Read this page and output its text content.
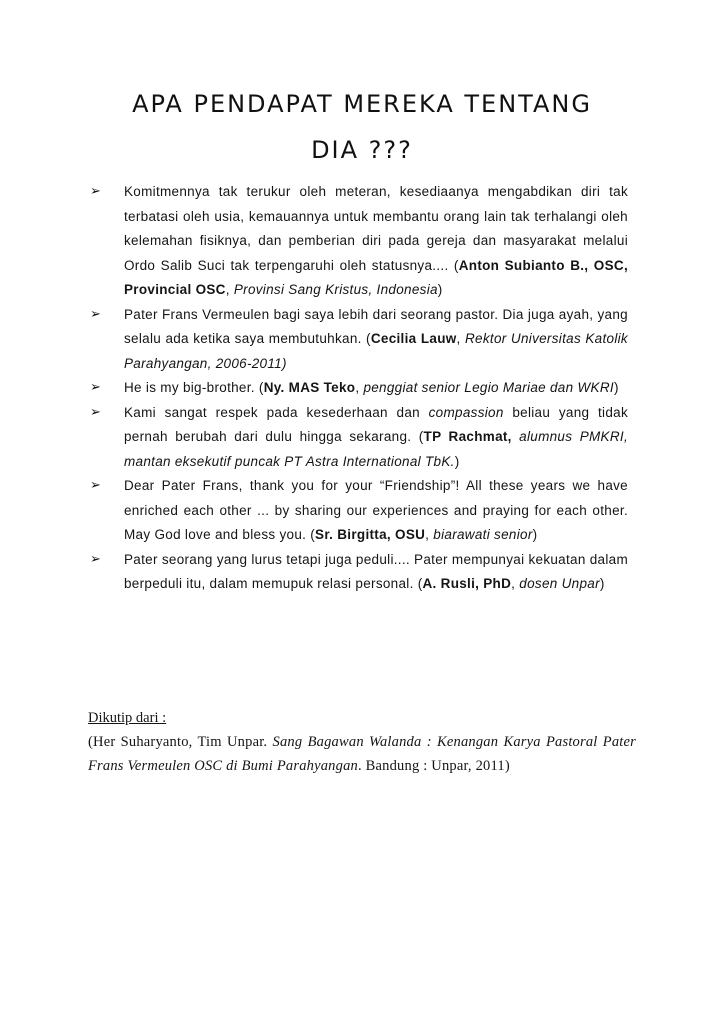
APA PENDAPAT MEREKA TENTANG
DIA ???
➢ Komitmennya tak terukur oleh meteran, kesediaanya mengabdikan diri tak terbatasi oleh usia, kemauannya untuk membantu orang lain tak terhalangi oleh kelemahan fisiknya, dan pemberian diri pada gereja dan masyarakat melalui Ordo Salib Suci tak terpengaruhi oleh statusnya.... (Anton Subianto B., OSC, Provincial OSC, Provinsi Sang Kristus, Indonesia)
➢ Pater Frans Vermeulen bagi saya lebih dari seorang pastor. Dia juga ayah, yang selalu ada ketika saya membutuhkan. (Cecilia Lauw, Rektor Universitas Katolik Parahyangan, 2006-2011)
➢ He is my big-brother. (Ny. MAS Teko, penggiat senior Legio Mariae dan WKRI)
➢ Kami sangat respek pada kesederhaan dan compassion beliau yang tidak pernah berubah dari dulu hingga sekarang. (TP Rachmat, alumnus PMKRI, mantan eksekutif puncak PT Astra International TbK.)
➢ Dear Pater Frans, thank you for your “Friendship”! All these years we have enriched each other ... by sharing our experiences and praying for each other. May God love and bless you. (Sr. Birgitta, OSU, biarawati senior)
➢ Pater seorang yang lurus tetapi juga peduli.... Pater mempunyai kekuatan dalam berpeduli itu, dalam memupuk relasi personal. (A. Rusli, PhD, dosen Unpar)
Dikutip dari :
(Her Suharyanto, Tim Unpar. Sang Bagawan Walanda : Kenangan Karya Pastoral Pater Frans Vermeulen OSC di Bumi Parahyangan. Bandung : Unpar, 2011)
